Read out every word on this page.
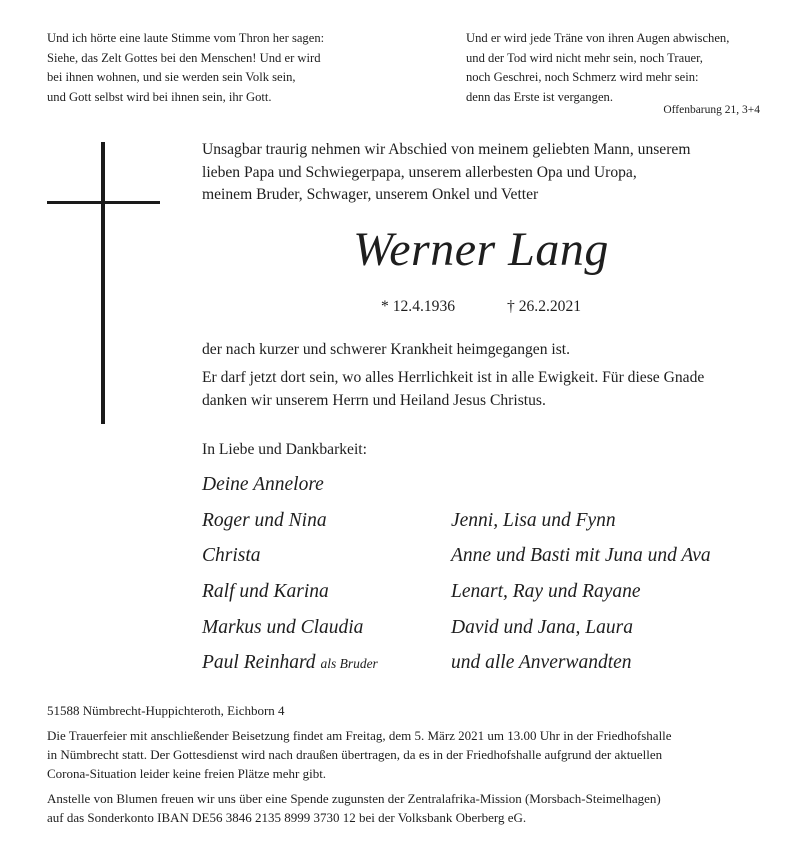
Und ich hörte eine laute Stimme vom Thron her sagen:
Siehe, das Zelt Gottes bei den Menschen! Und er wird
bei ihnen wohnen, und sie werden sein Volk sein,
und Gott selbst wird bei ihnen sein, ihr Gott.
Und er wird jede Träne von ihren Augen abwischen,
und der Tod wird nicht mehr sein, noch Trauer,
noch Geschrei, noch Schmerz wird mehr sein:
denn das Erste ist vergangen.
Offenbarung 21, 3+4
Unsagbar traurig nehmen wir Abschied von meinem geliebten Mann, unserem
lieben Papa und Schwiegerpapa, unserem allerbesten Opa und Uropa,
meinem Bruder, Schwager, unserem Onkel und Vetter
Werner Lang
* 12.4.1936	† 26.2.2021
der nach kurzer und schwerer Krankheit heimgegangen ist.
Er darf jetzt dort sein, wo alles Herrlichkeit ist in alle Ewigkeit. Für diese Gnade
danken wir unserem Herrn und Heiland Jesus Christus.
In Liebe und Dankbarkeit:
Deine Annelore
Roger und Nina
Christa
Ralf und Karina
Markus und Claudia
Paul Reinhard als Bruder
Jenni, Lisa und Fynn
Anne und Basti mit Juna und Ava
Lenart, Ray und Rayane
David und Jana, Laura
und alle Anverwandten
51588 Nümbrecht-Huppichteroth, Eichborn 4
Die Trauerfeier mit anschließender Beisetzung findet am Freitag, dem 5. März 2021 um 13.00 Uhr in der Friedhofshalle
in Nümbrecht statt. Der Gottesdienst wird nach draußen übertragen, da es in der Friedhofshalle aufgrund der aktuellen
Corona-Situation leider keine freien Plätze mehr gibt.
Anstelle von Blumen freuen wir uns über eine Spende zugunsten der Zentralafrika-Mission (Morsbach-Steimelhagen)
auf das Sonderkonto IBAN DE56 3846 2135 8999 3730 12 bei der Volksbank Oberberg eG.
